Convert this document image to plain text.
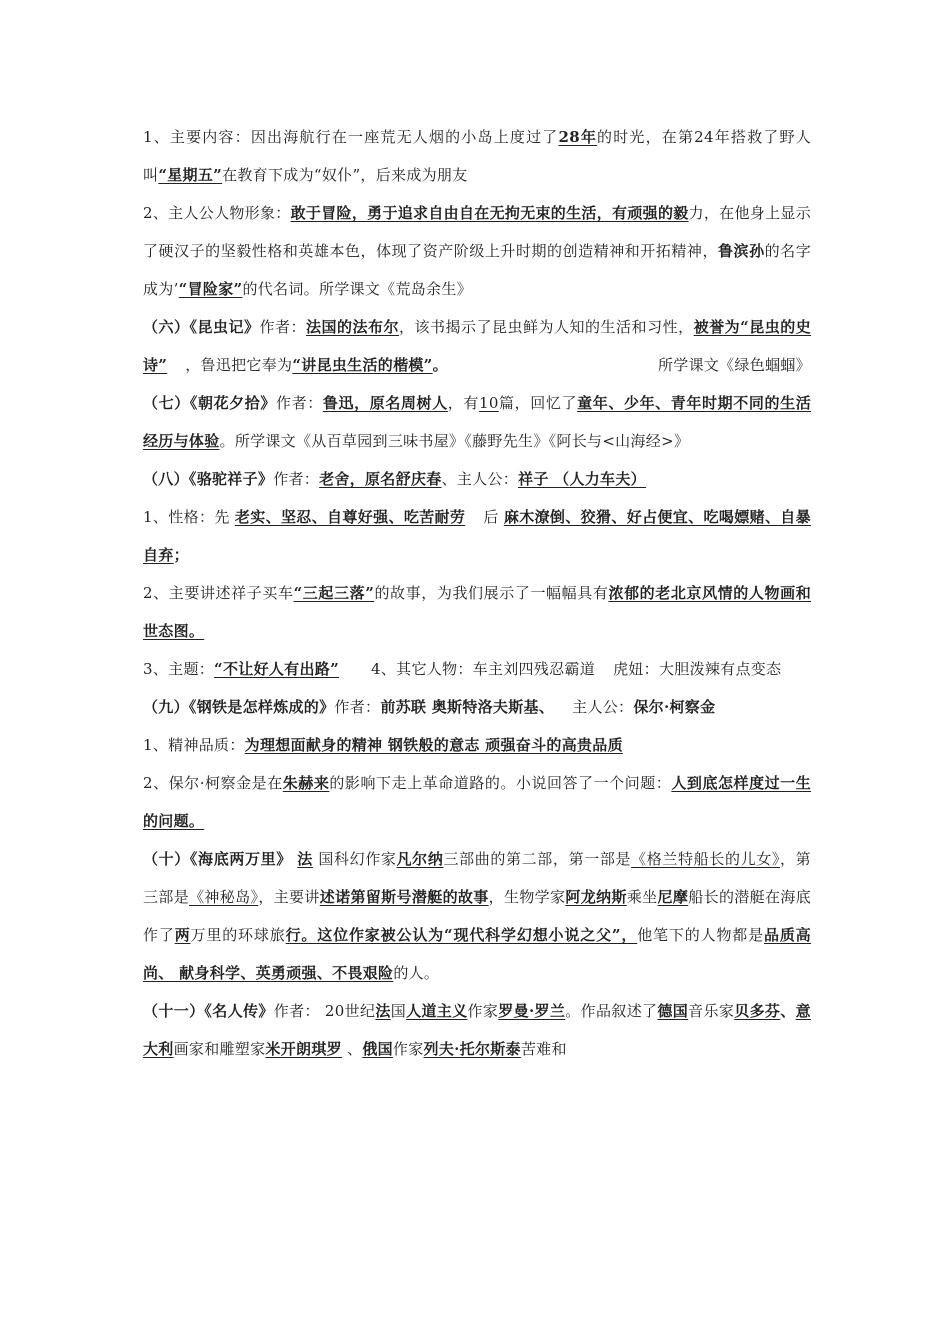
1、主要内容：因出海航行在一座荒无人烟的小岛上度过了28年的时光，在第24年搭救了野人叫“星期五”在教育下成为“奴仆”，后来成为朋友

2、主人公人物形象：敢于冒险，勇于追求自由自在无拘无束的生活，有顽强的毅力，在他身上显示了硬汉子的坚毅性格和英雄本色，体现了资产阶级上升时期的创造精神和开拓精神，鲁滨孙的名字成为’“冒险家”的代名词。所学课文《荒岛余生》

（六）《昆虫记》作者：法国的法布尔，该书揭示了昆虫鲜为人知的生活和习性，被誉为“昆虫的史诗” ，鲁迅把它奉为“讲昆虫生活的楷模”。	所学课文《绿色蝈蝈》

（七）《朝花夕拾》作者：鲁迅，原名周树人，有10篇，回忆了童年、少年、青年时期不同的生活经历与体验。所学课文《从百草园到三味书屋》《藤野先生》《阿长与<山海经>》

（八）《骆驼祥子》作者：老舍，原名舒庆春、主人公：祥子 （人力车夫）

1、性格：先 老实、坚忍、自尊好强、吃苦耐劳 后 麻木潦倒、狡猾、好占便宜、吃喝嫖赌、自暴自弃；

2、主要讲述祥子买车“三起三落”的故事，为我们展示了一幅幅具有浓郁的老北京风情的人物画和世态图。

3、主题：“不让好人有出路” 4、其它人物：车主刘四残忍霸道 虎妞：大胆泼辣有点变态

（九）《钢铁是怎样炼成的》作者：前苏联 奥斯特洛夫斯基、 主人公：保尔·柯察金

1、精神品质：为理想面献身的精神 钢铁般的意志 顽强奋斗的高贵品质

2、保尔·柯察金是在朱赫来的影响下走上革命道路的。小说回答了一个问题：人到底怎样度过一生的问题。

（十）《海底两万里》 法 国科幻作家凡尔纳三部曲的第二部，第一部是《格兰特船长的儿女》，第三部是《神秘岛》，主要讲述诺第留斯号潜艇的故事，生物学家阿龙纳斯乘坐尼摩船长的潜艇在海底作了两万里的环球旅行。这位作家被公认为“现代科学幻想小说之父”，他笔下的人物都是品质高尚、 献身科学、英勇顽强、不畏艰险的人。

（十一）《名人传》作者： 20世纪法国人道主义作家罗曼·罗兰。作品叙述了德国音乐家贝多芬、意大利画家和雕塑家米开朗琪罗 、俄国作家列夫·托尔斯泰苦难和
